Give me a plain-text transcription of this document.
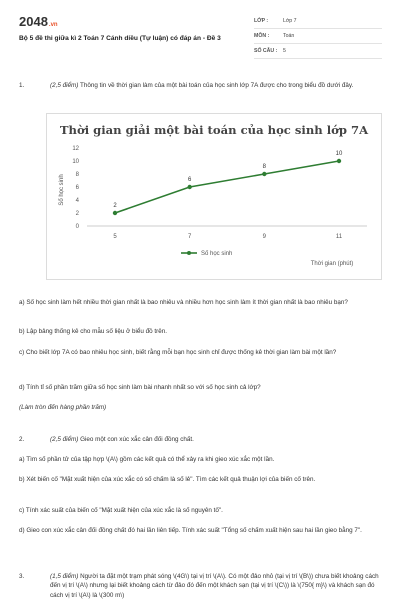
2048.vn
Bộ 5 đề thi giữa kì 2 Toán 7 Cánh diều (Tự luận) có đáp án - Đề 3
LỚP :	Lớp 7
MÔN :	Toán
SỐ CÂU : 5
1.	(2,5 điểm) Thông tin về thời gian làm của một bài toán của học sinh lớp 7A được cho trong biểu đồ dưới đây.
Thời gian giải một bài toán của học sinh lớp 7A
Số học sinh
Thời gian (phút)
0
2
4
6
8
10
12
5	7	9	11
2
6
8
10
Số học sinh
a) Số học sinh làm hết nhiều thời gian nhất là bao nhiêu và nhiều hơn học sinh làm ít thời gian nhất là bao nhiêu bạn?
b) Lập bảng thống kê cho mẫu số liệu ở biểu đồ trên.
c) Cho biết lớp 7A có bao nhiêu học sinh, biết rằng mỗi bạn học sinh chỉ được thống kê thời gian làm bài một lần?
d) Tính tỉ số phần trăm giữa số học sinh làm bài nhanh nhất so với số học sinh cả lớp?
(Làm tròn đến hàng phần trăm)
2.	(2,5 điểm) Gieo một con xúc xắc cân đối đồng chất.
a) Tìm số phần tử của tập hợp \(A\) gồm các kết quả có thể xảy ra khi gieo xúc xắc một lần.
b) Xét biến cố "Mặt xuất hiện của xúc xắc có số chấm là số lẻ". Tìm các kết quả thuận lợi của biến cố trên.
c) Tính xác suất của biến cố "Mặt xuất hiện của xúc xắc là số nguyên tố".
d) Gieo con xúc xắc cân đối đồng chất đó hai lần liên tiếp. Tính xác suất "Tổng số chấm xuất hiện sau hai lần gieo bằng 7".
3.	(1,5 điểm) Người ta đặt một trạm phát sóng \(4G\) tại vị trí \(A\). Có một đảo nhỏ (tại vị trí \(B\)) chưa biết khoảng cách đến vị trí \(A\) nhưng lại biết khoảng cách từ đảo đó đến một khách sạn (tại vị trí \(C\)) là \(750{ m}\) và khách sạn đó cách vị trí \(A\) là \(300 m\)
